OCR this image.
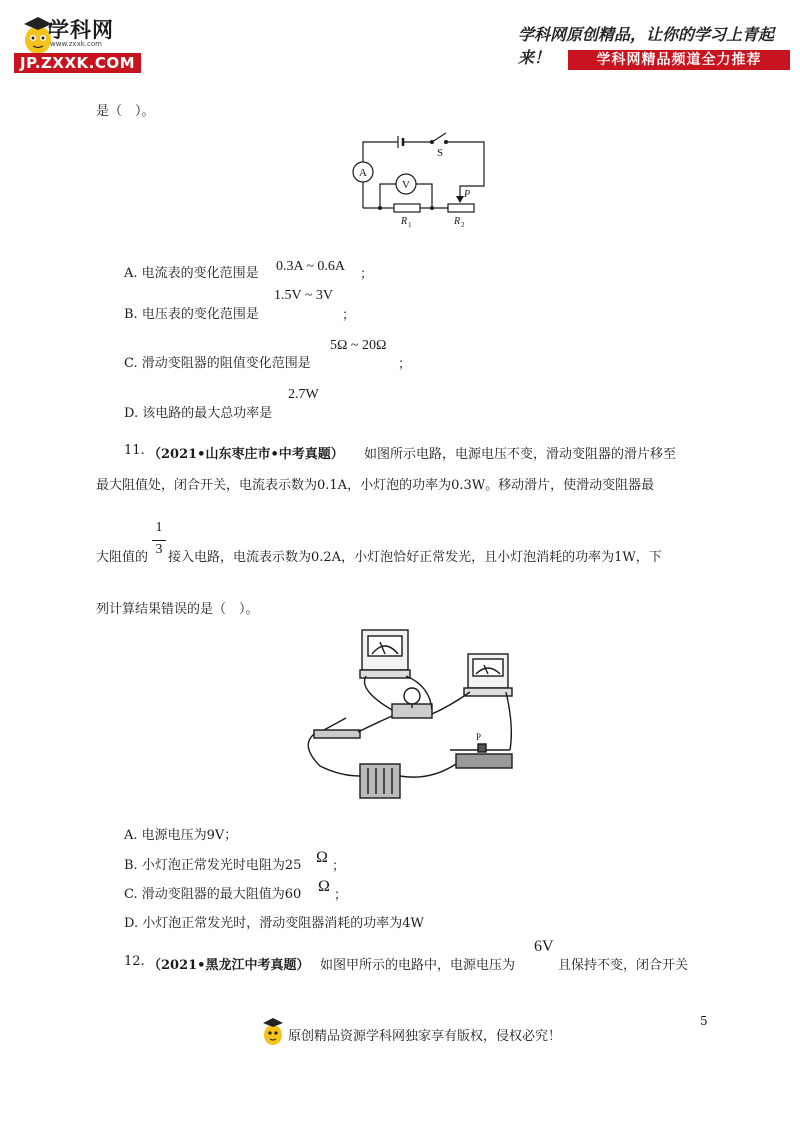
学科网
www.zxxk.com
JP.ZXXK.COM
学科网原创精品，让你的学习上青起来！	学科网精品频道全力推荐
是（　）。
A
V
S
P
R 1	R 2
A. 电流表的变化范围是 0.3A ~ 0.6A
；
B. 电压表的变化范围是
1.5V ~ 3V
；
C. 滑动变阻器的阻值变化范围是
5Ω ~ 20Ω
；
D. 该电路的最大总功率是
2.7W
11. （2021•山东枣庄市•中考真题） 如图所示电路，电源电压不变，滑动变阻器的滑片移至
最大阻值处，闭合开关，电流表示数为0.1A，小灯泡的功率为0.3W。移动滑片，使滑动变阻器最
大阻值的
1
3
接入电路，电流表示数为0.2A，小灯泡恰好正常发光，且小灯泡消耗的功率为1W，下
列计算结果错误的是（　）。
P
A. 电源电压为9V；
B. 小灯泡正常发光时电阻为25 Ω
；
C. 滑动变阻器的最大阻值为60 Ω
；
D. 小灯泡正常发光时，滑动变阻器消耗的功率为4W
12. （2021•黑龙江中考真题） 如图甲所示的电路中，电源电压为
6V
且保持不变，闭合开关
5
原创精品资源学科网独家享有版权，侵权必究！
